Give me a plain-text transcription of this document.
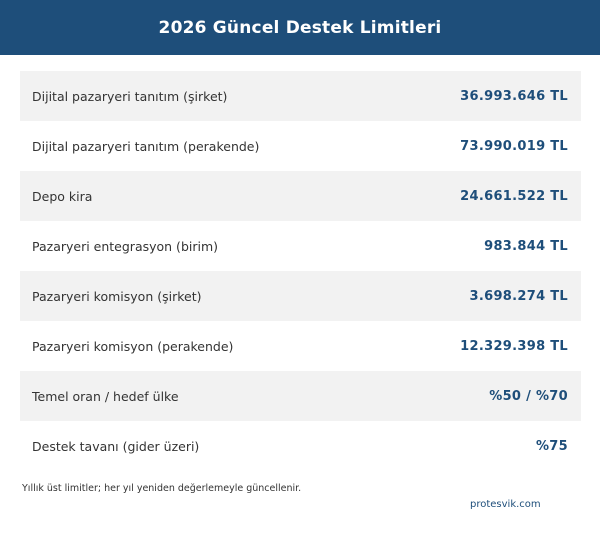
2026 Güncel Destek Limitleri
Dijital pazaryeri tanıtım (şirket)	36.993.646 TL
Dijital pazaryeri tanıtım (perakende)	73.990.019 TL
Depo kira	24.661.522 TL
Pazaryeri entegrasyon (birim)	983.844 TL
Pazaryeri komisyon (şirket)	3.698.274 TL
Pazaryeri komisyon (perakende)	12.329.398 TL
Temel oran / hedef ülke	%50 / %70
Destek tavanı (gider üzeri)	%75
Yıllık üst limitler; her yıl yeniden değerlemeyle güncellenir.
protesvik.com
